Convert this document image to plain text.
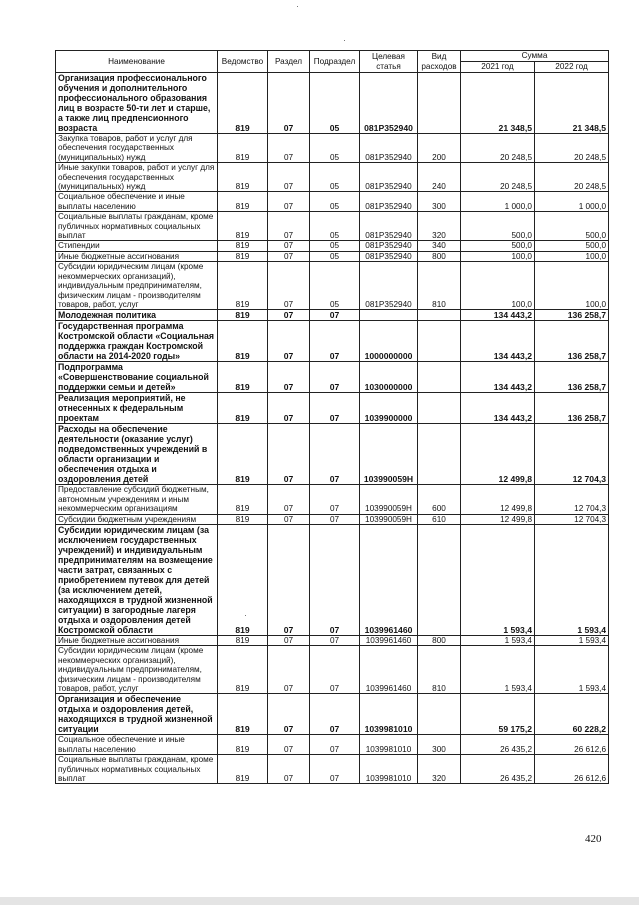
Наименование	Ведомство	Раздел	Подраздел	Целевая статья	Вид расходов	Сумма	
						2021 год	2022 год
Организация профессионального обучения и дополнительного профессионального образования лиц в возрасте 50-ти лет и старше, а также лиц предпенсионного возраста	819	07	05	081P352940		21 348,5	21 348,5
Закупка товаров, работ и услуг для обеспечения государственных (муниципальных) нужд	819	07	05	081P352940	200	20 248,5	20 248,5
Иные закупки товаров, работ и услуг для обеспечения государственных (муниципальных) нужд	819	07	05	081P352940	240	20 248,5	20 248,5
Социальное обеспечение и иные выплаты населению	819	07	05	081P352940	300	1 000,0	1 000,0
Социальные выплаты гражданам, кроме публичных нормативных социальных выплат	819	07	05	081P352940	320	500,0	500,0
Стипендии	819	07	05	081P352940	340	500,0	500,0
Иные бюджетные ассигнования	819	07	05	081P352940	800	100,0	100,0
Субсидии юридическим лицам (кроме некоммерческих организаций), индивидуальным предпринимателям, физическим лицам - производителям товаров, работ, услуг	819	07	05	081P352940	810	100,0	100,0
Молодежная политика	819	07	07			134 443,2	136 258,7
Государственная программа Костромской области «Социальная поддержка граждан Костромской области на 2014-2020 годы»	819	07	07	1000000000		134 443,2	136 258,7
Подпрограмма «Совершенствование социальной поддержки семьи и детей»	819	07	07	1030000000		134 443,2	136 258,7
Реализация мероприятий, не отнесенных к федеральным проектам	819	07	07	1039900000		134 443,2	136 258,7
Расходы на обеспечение деятельности (оказание услуг) подведомственных учреждений в области организации и обеспечения отдыха и оздоровления детей	819	07	07	103990059Н		12 499,8	12 704,3
Предоставление субсидий бюджетным, автономным учреждениям и иным некоммерческим организациям	819	07	07	103990059Н	600	12 499,8	12 704,3
Субсидии бюджетным учреждениям	819	07	07	103990059Н	610	12 499,8	12 704,3
Субсидии юридическим лицам (за исключением государственных учреждений) и индивидуальным предпринимателям на возмещение части затрат, связанных с приобретением путевок для детей (за исключением детей, находящихся в трудной жизненной ситуации) в загородные лагеря отдыха и оздоровления детей Костромской области	819	07	07	1039961460		1 593,4	1 593,4
Иные бюджетные ассигнования	819	07	07	1039961460	800	1 593,4	1 593,4
Субсидии юридическим лицам (кроме некоммерческих организаций), индивидуальным предпринимателям, физическим лицам - производителям товаров, работ, услуг	819	07	07	1039961460	810	1 593,4	1 593,4
Организация и обеспечение отдыха и оздоровления детей, находящихся в трудной жизненной ситуации	819	07	07	1039981010		59 175,2	60 228,2
Социальное обеспечение и иные выплаты населению	819	07	07	1039981010	300	26 435,2	26 612,6
Социальные выплаты гражданам, кроме публичных нормативных социальных выплат	819	07	07	1039981010	320	26 435,2	26 612,6
420
